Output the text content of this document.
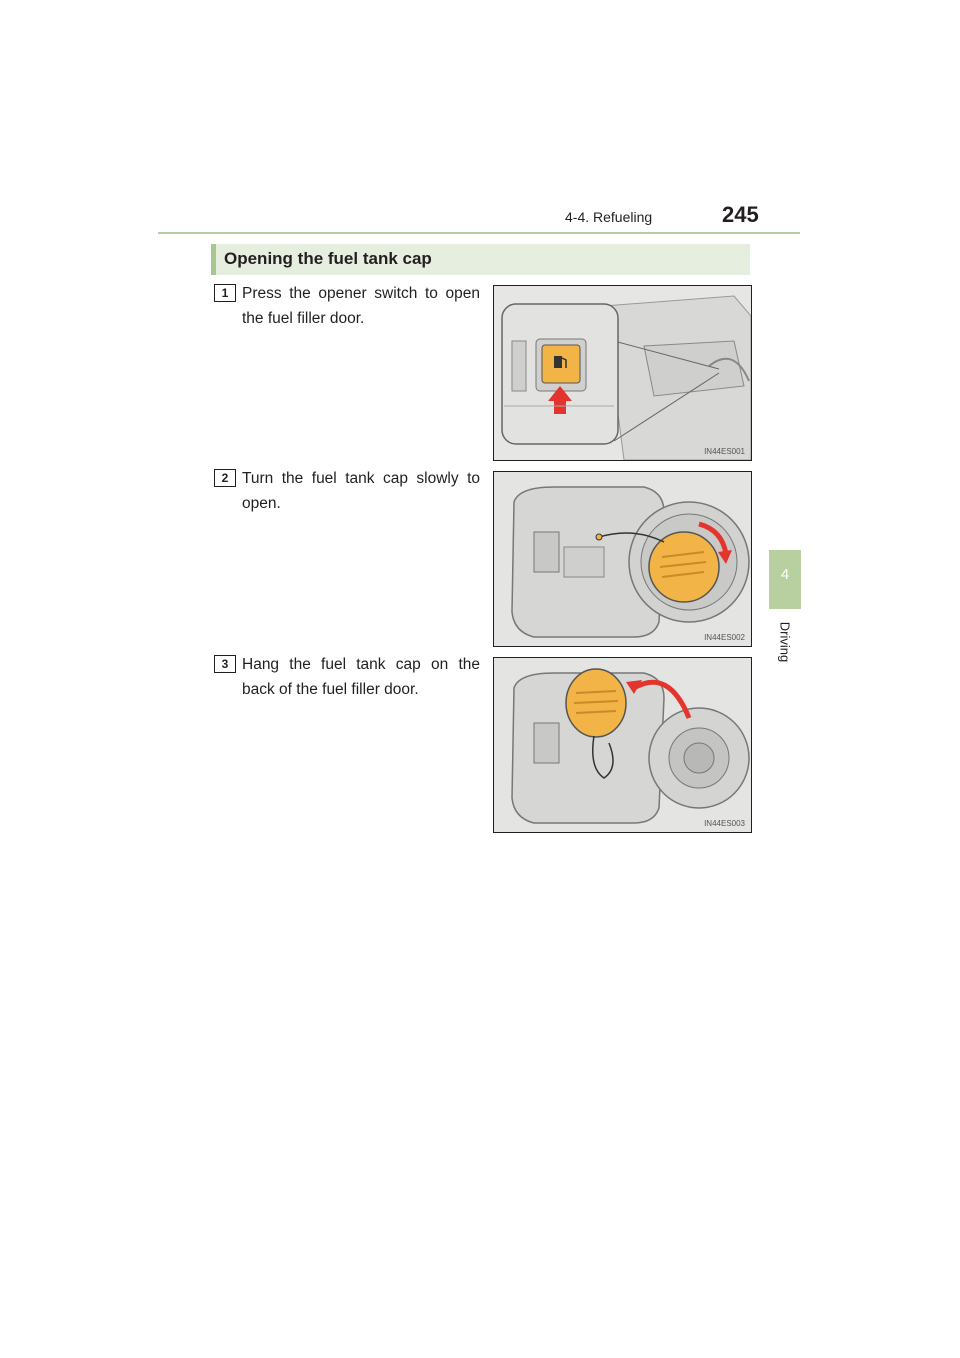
4-4. Refueling	245
4
Driving
Opening the fuel tank cap
1 Press the opener switch to open the fuel filler door.
IN44ES001
2 Turn the fuel tank cap slowly to open.
IN44ES002
3 Hang the fuel tank cap on the back of the fuel filler door.
IN44ES003
